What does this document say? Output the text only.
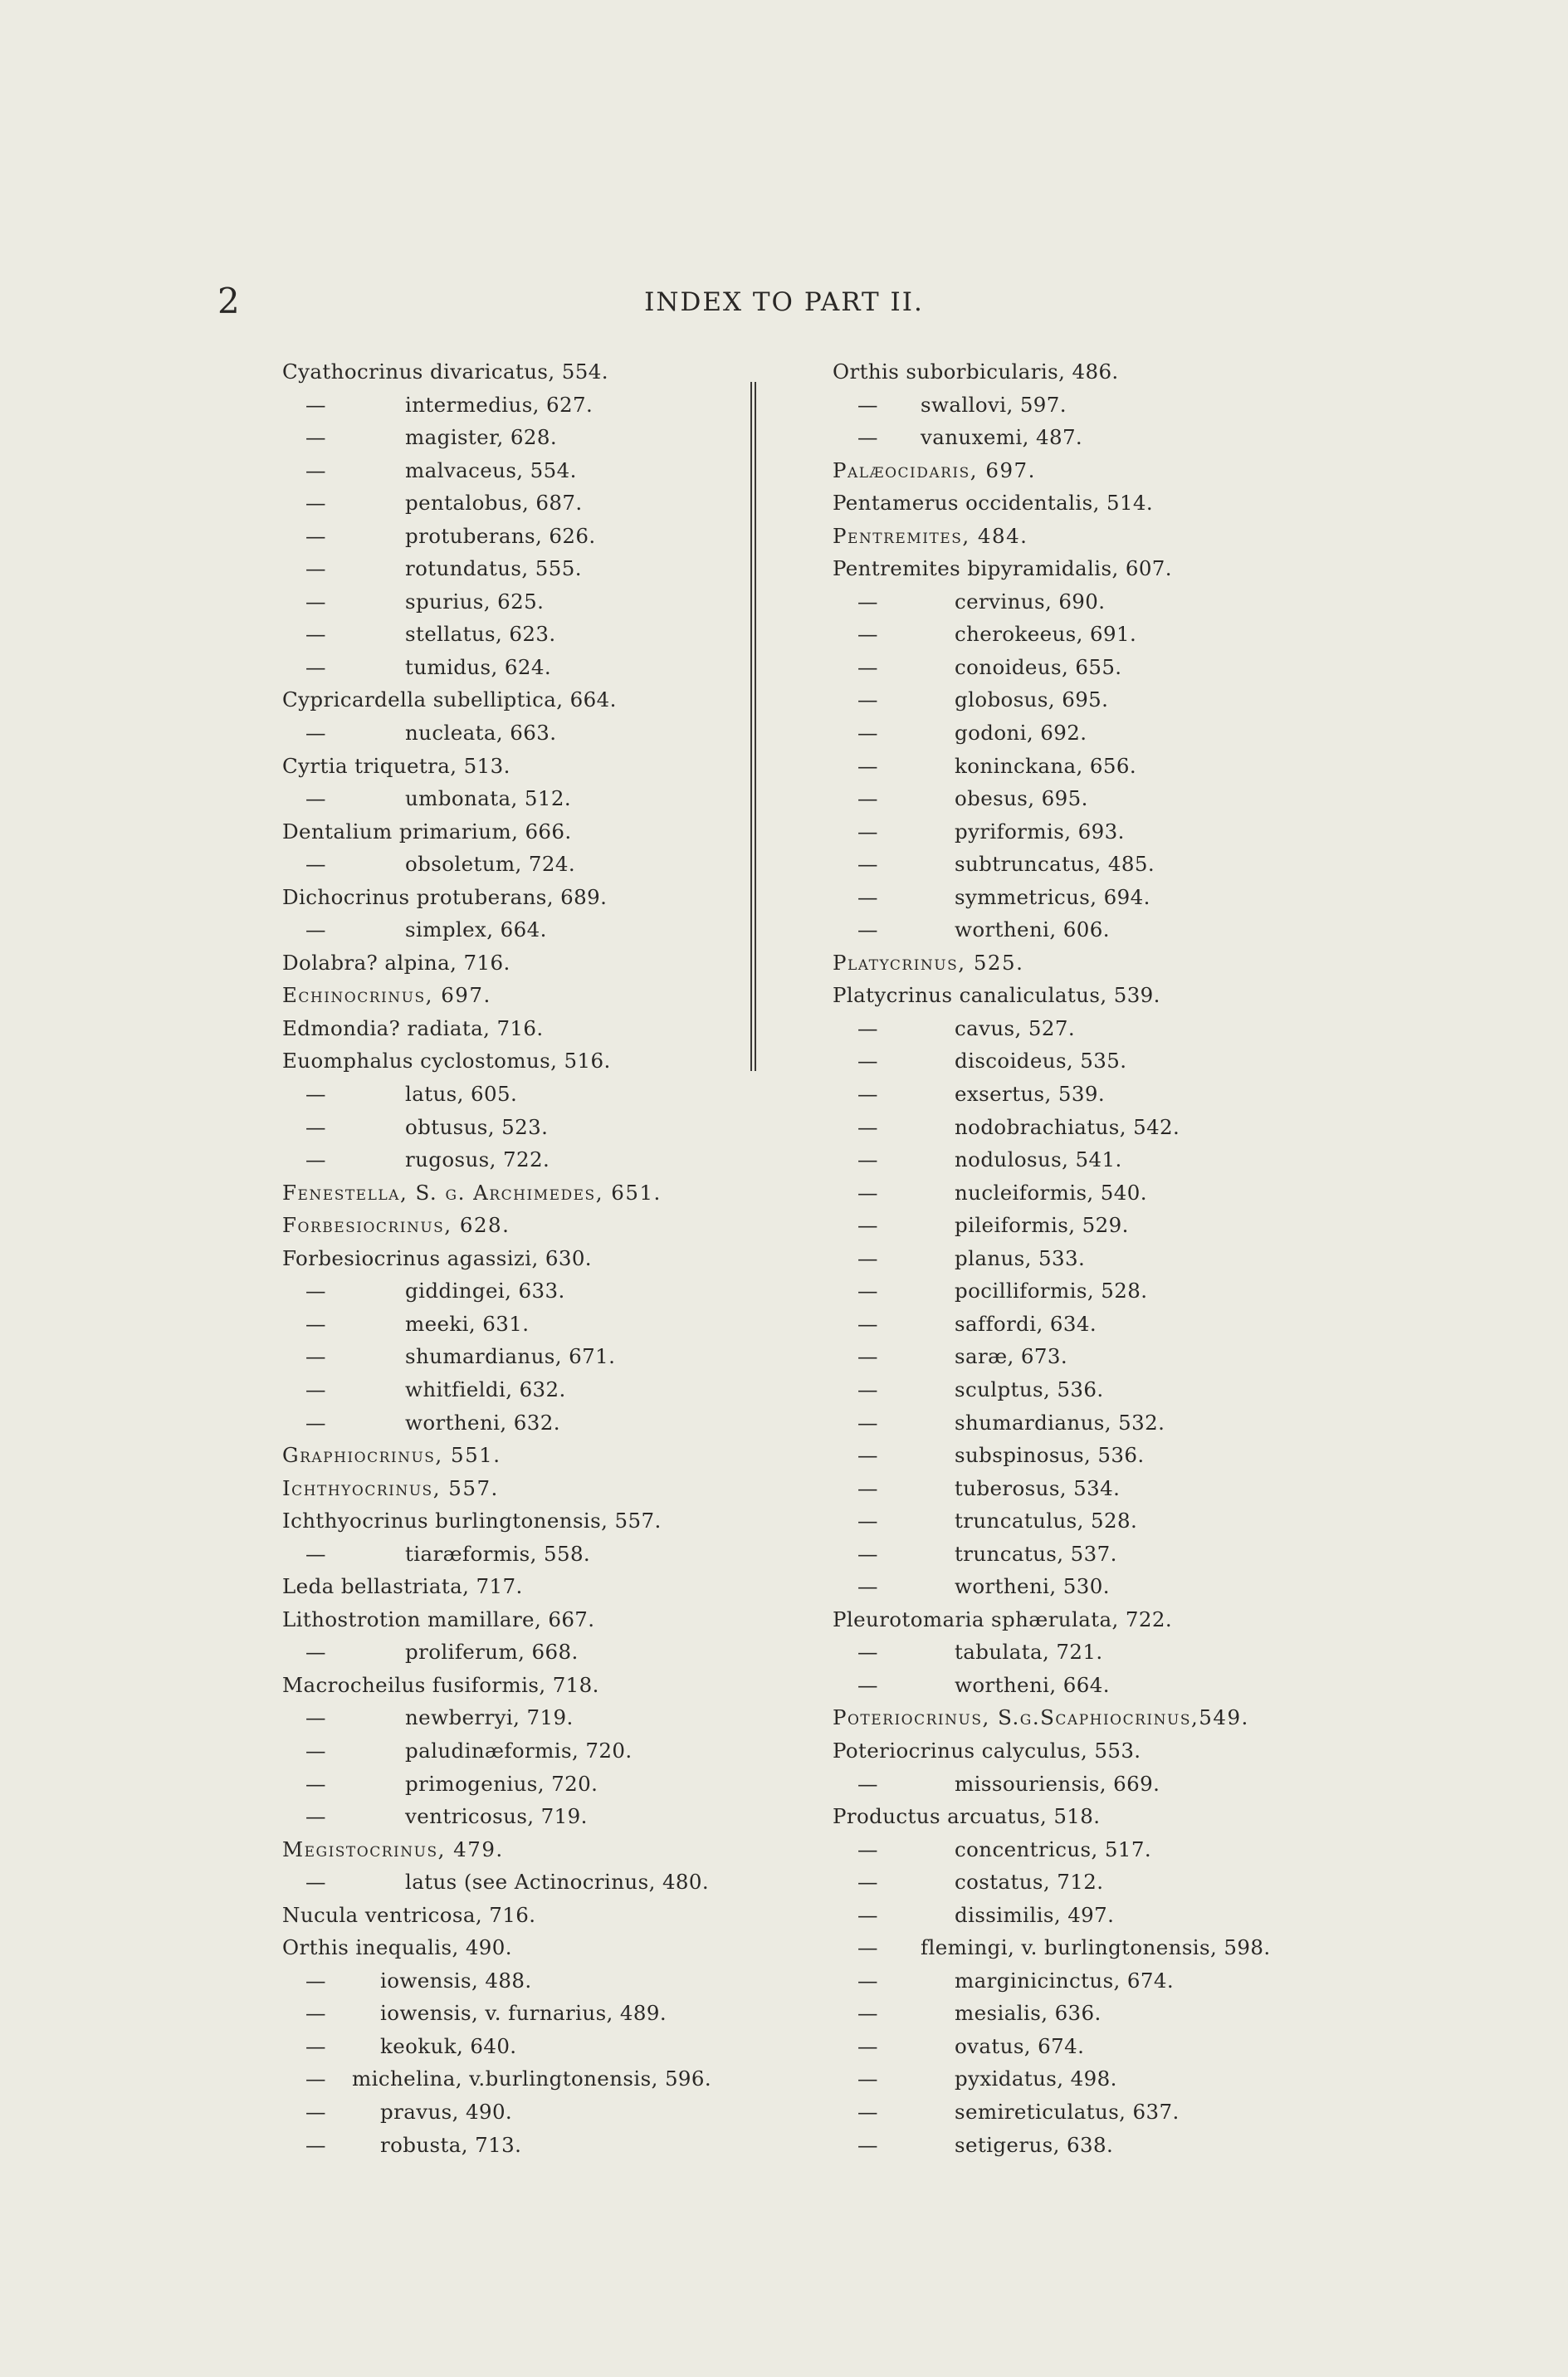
2	INDEX TO PART II.
Cyathocrinus divaricatus, 554.
— intermedius, 627.
— magister, 628.
— malvaceus, 554.
— pentalobus, 687.
— protuberans, 626.
— rotundatus, 555.
— spurius, 625.
— stellatus, 623.
— tumidus, 624.
Cypricardella subelliptica, 664.
— nucleata, 663.
Cyrtia triquetra, 513.
— umbonata, 512.
Dentalium primarium, 666.
— obsoletum, 724.
Dichocrinus protuberans, 689.
— simplex, 664.
Dolabra? alpina, 716.
Echinocrinus, 697.
Edmondia? radiata, 716.
Euomphalus cyclostomus, 516.
— latus, 605.
— obtusus, 523.
— rugosus, 722.
Fenestella, S. g. Archimedes, 651.
Forbesiocrinus, 628.
Forbesiocrinus agassizi, 630.
— giddingei, 633.
— meeki, 631.
— shumardianus, 671.
— whitfieldi, 632.
— wortheni, 632.
Graphiocrinus, 551.
Ichthyocrinus, 557.
Ichthyocrinus burlingtonensis, 557.
— tiaræformis, 558.
Leda bellastriata, 717.
Lithostrotion mamillare, 667.
— proliferum, 668.
Macrocheilus fusiformis, 718.
— newberryi, 719.
— paludinæformis, 720.
— primogenius, 720.
— ventricosus, 719.
Megistocrinus, 479.
— latus (see Actinocrinus, 480.
Nucula ventricosa, 716.
Orthis inequalis, 490.
— iowensis, 488.
— iowensis, v. furnarius, 489.
— keokuk, 640.
— michelina, v.burlingtonensis, 596.
— pravus, 490.
— robusta, 713.
Orthis suborbicularis, 486.
— swallovi, 597.
— vanuxemi, 487.
Palæocidaris, 697.
Pentamerus occidentalis, 514.
Pentremites, 484.
Pentremites bipyramidalis, 607.
— cervinus, 690.
— cherokeeus, 691.
— conoideus, 655.
— globosus, 695.
— godoni, 692.
— koninckana, 656.
— obesus, 695.
— pyriformis, 693.
— subtruncatus, 485.
— symmetricus, 694.
— wortheni, 606.
Platycrinus, 525.
Platycrinus canaliculatus, 539.
— cavus, 527.
— discoideus, 535.
— exsertus, 539.
— nodobrachiatus, 542.
— nodulosus, 541.
— nucleiformis, 540.
— pileiformis, 529.
— planus, 533.
— pocilliformis, 528.
— saffordi, 634.
— saræ, 673.
— sculptus, 536.
— shumardianus, 532.
— subspinosus, 536.
— tuberosus, 534.
— truncatulus, 528.
— truncatus, 537.
— wortheni, 530.
Pleurotomaria sphærulata, 722.
— tabulata, 721.
— wortheni, 664.
Poteriocrinus, S.g.Scaphiocrinus,549.
Poteriocrinus calyculus, 553.
— missouriensis, 669.
Productus arcuatus, 518.
— concentricus, 517.
— costatus, 712.
— dissimilis, 497.
— flemingi, v. burlingtonensis, 598.
— marginicinctus, 674.
— mesialis, 636.
— ovatus, 674.
— pyxidatus, 498.
— semireticulatus, 637.
— setigerus, 638.
